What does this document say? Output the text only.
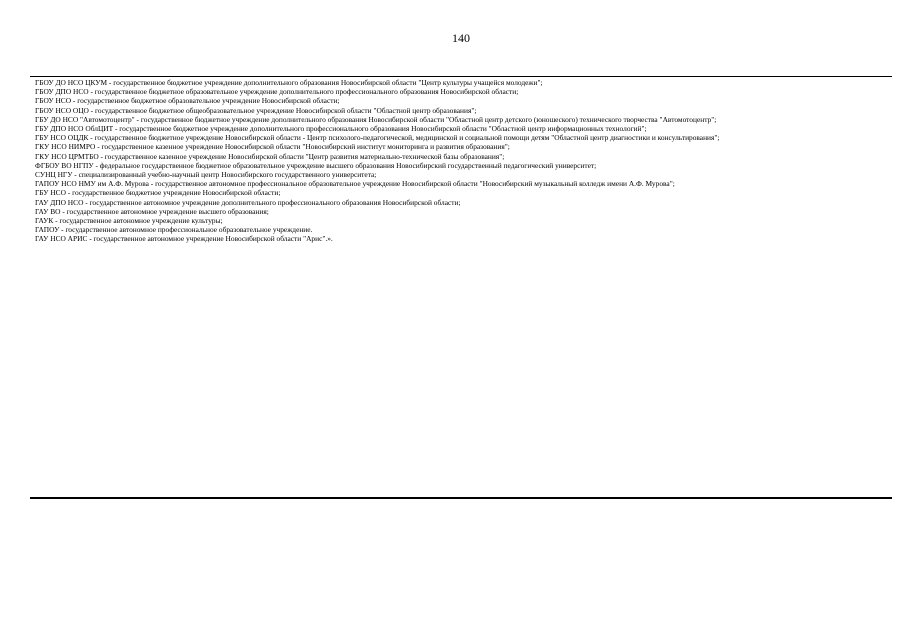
140
ГБОУ ДО НСО ЦКУМ - государственное бюджетное учреждение дополнительного образования Новосибирской области "Центр культуры учащейся молодежи";
ГБОУ ДПО НСО - государственное бюджетное образовательное учреждение дополнительного профессионального образования Новосибирской области;
ГБОУ НСО - государственное бюджетное образовательное учреждение Новосибирской области;
ГБОУ НСО ОЦО - государственное бюджетное общеобразовательное учреждение Новосибирской области "Областной центр образования";
ГБУ ДО НСО "Автомотоцентр" - государственное бюджетное учреждение дополнительного образования Новосибирской области "Областной центр детского (юношеского) технического творчества "Автомотоцентр";
ГБУ ДПО НСО ОблЦИТ - государственное бюджетное учреждение дополнительного профессионального образования Новосибирской области "Областной центр информационных технологий";
ГБУ НСО ОЦДК - государственное бюджетное учреждение Новосибирской области - Центр психолого-педагогической, медицинской и социальной помощи детям "Областной центр диагностики и консультирования";
ГКУ НСО НИМРО - государственное казенное учреждение Новосибирской области "Новосибирский институт мониторинга и развития образования";
ГКУ НСО ЦРМТБО - государственное казенное учреждение Новосибирской области "Центр развития материально-технической базы образования";
ФГБОУ ВО НГПУ - федеральное государственное бюджетное образовательное учреждение высшего образования Новосибирский государственный педагогический университет;
СУНЦ НГУ - специализированный учебно-научный центр Новосибирского государственного университета;
ГАПОУ НСО НМУ им А.Ф. Мурова - государственное автономное профессиональное образовательное учреждение Новосибирской области "Новосибирский музыкальный колледж имени А.Ф. Мурова";
ГБУ НСО - государственное бюджетное учреждение Новосибирской области;
ГАУ ДПО НСО - государственное автономное учреждение дополнительного профессионального образования Новосибирской области;
ГАУ ВО - государственное автономное учреждение высшего образования;
ГАУК - государственное автономное учреждение культуры;
ГАПОУ - государственное автономное профессиональное образовательное учреждение.
ГАУ НСО АРИС - государственное автономное учреждение Новосибирской области "Арис".».
